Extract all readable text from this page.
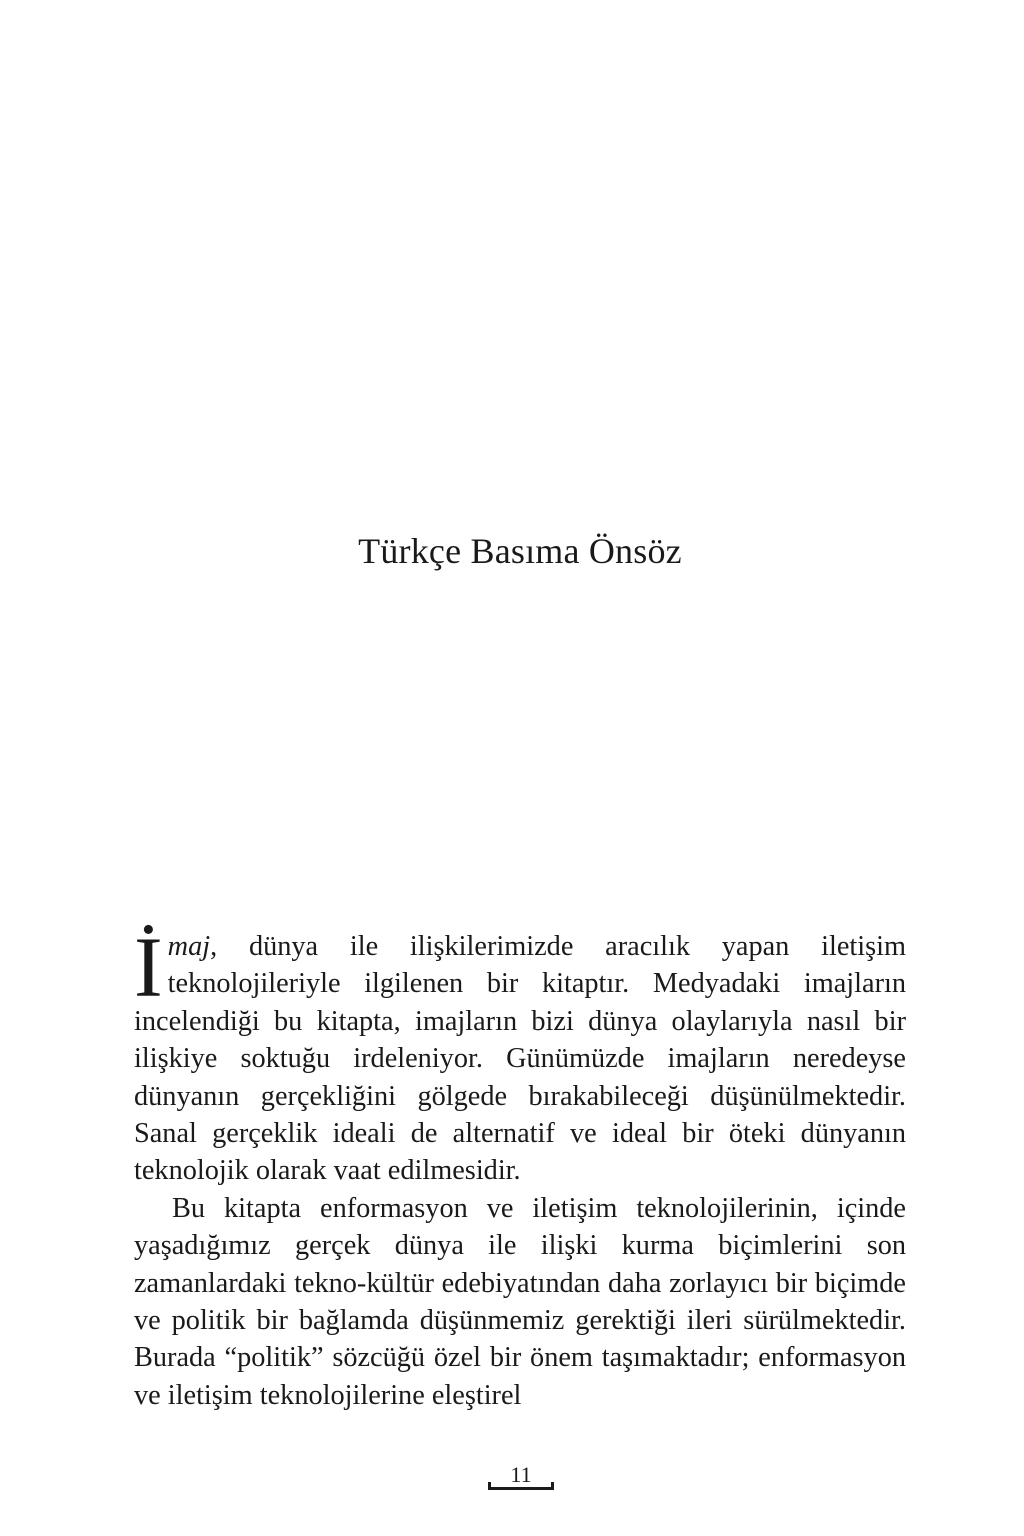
Türkçe Basıma Önsöz

İmaj, dünya ile ilişkilerimizde aracılık yapan iletişim teknolojileriyle ilgilenen bir kitaptır. Medyadaki imajların incelendiği bu kitapta, imajların bizi dünya olaylarıyla nasıl bir ilişkiye soktuğu irdeleniyor. Günümüzde imajların neredeyse dünyanın gerçekliğini gölgede bırakabileceği düşünülmektedir. Sanal gerçeklik ideali de alternatif ve ideal bir öteki dünyanın teknolojik olarak vaat edilmesidir.

Bu kitapta enformasyon ve iletişim teknolojilerinin, içinde yaşadığımız gerçek dünya ile ilişki kurma biçimlerini son zamanlardaki tekno-kültür edebiyatından daha zorlayıcı bir biçimde ve politik bir bağlamda düşünmemiz gerektiği ileri sürülmektedir. Burada “politik” sözcüğü özel bir önem taşımaktadır; enformasyon ve iletişim teknolojilerine eleştirel

11
